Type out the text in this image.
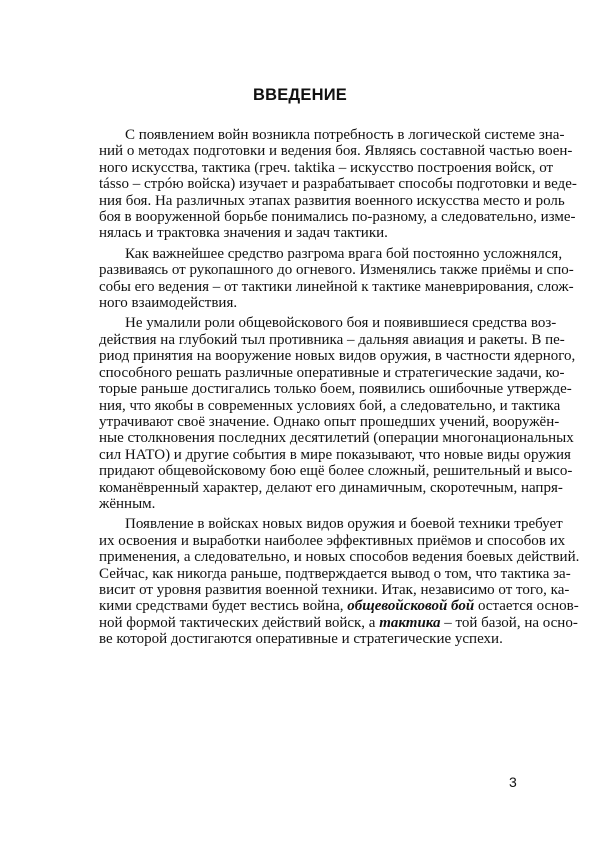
ВВЕДЕНИЕ
С появлением войн возникла потребность в логической системе зна-
ний о методах подготовки и ведения боя. Являясь составной частью воен-
ного искусства, тактика (греч. taktika – искусство построения войск, от
tásso – стрóю войска) изучает и разрабатывает способы подготовки и веде-
ния боя. На различных этапах развития военного искусства место и роль
боя в вооруженной борьбе понимались по-разному, а следовательно, изме-
нялась и трактовка значения и задач тактики.
Как важнейшее средство разгрома врага бой постоянно усложнялся,
развиваясь от рукопашного до огневого. Изменялись также приёмы и спо-
собы его ведения – от тактики линейной к тактике маневрирования, слож-
ного взаимодействия.
Не умалили роли общевойскового боя и появившиеся средства воз-
действия на глубокий тыл противника – дальняя авиация и ракеты. В пе-
риод принятия на вооружение новых видов оружия, в частности ядерного,
способного решать различные оперативные и стратегические задачи, ко-
торые раньше достигались только боем, появились ошибочные утвержде-
ния, что якобы в современных условиях бой, а следовательно, и тактика
утрачивают своё значение. Однако опыт прошедших учений, вооружён-
ные столкновения последних десятилетий (операции многонациональных
сил НАТО) и другие события в мире показывают, что новые виды оружия
придают общевойсковому бою ещё более сложный, решительный и высо-
команёвренный характер, делают его динамичным, скоротечным, напря-
жённым.
Появление в войсках новых видов оружия и боевой техники требует
их освоения и выработки наиболее эффективных приёмов и способов их
применения, а следовательно, и новых способов ведения боевых действий.
Сейчас, как никогда раньше, подтверждается вывод о том, что тактика за-
висит от уровня развития военной техники. Итак, независимо от того, ка-
кими средствами будет вестись война, общевойсковой бой остается основ-
ной формой тактических действий войск, а тактика – той базой, на осно-
ве которой достигаются оперативные и стратегические успехи.
3
